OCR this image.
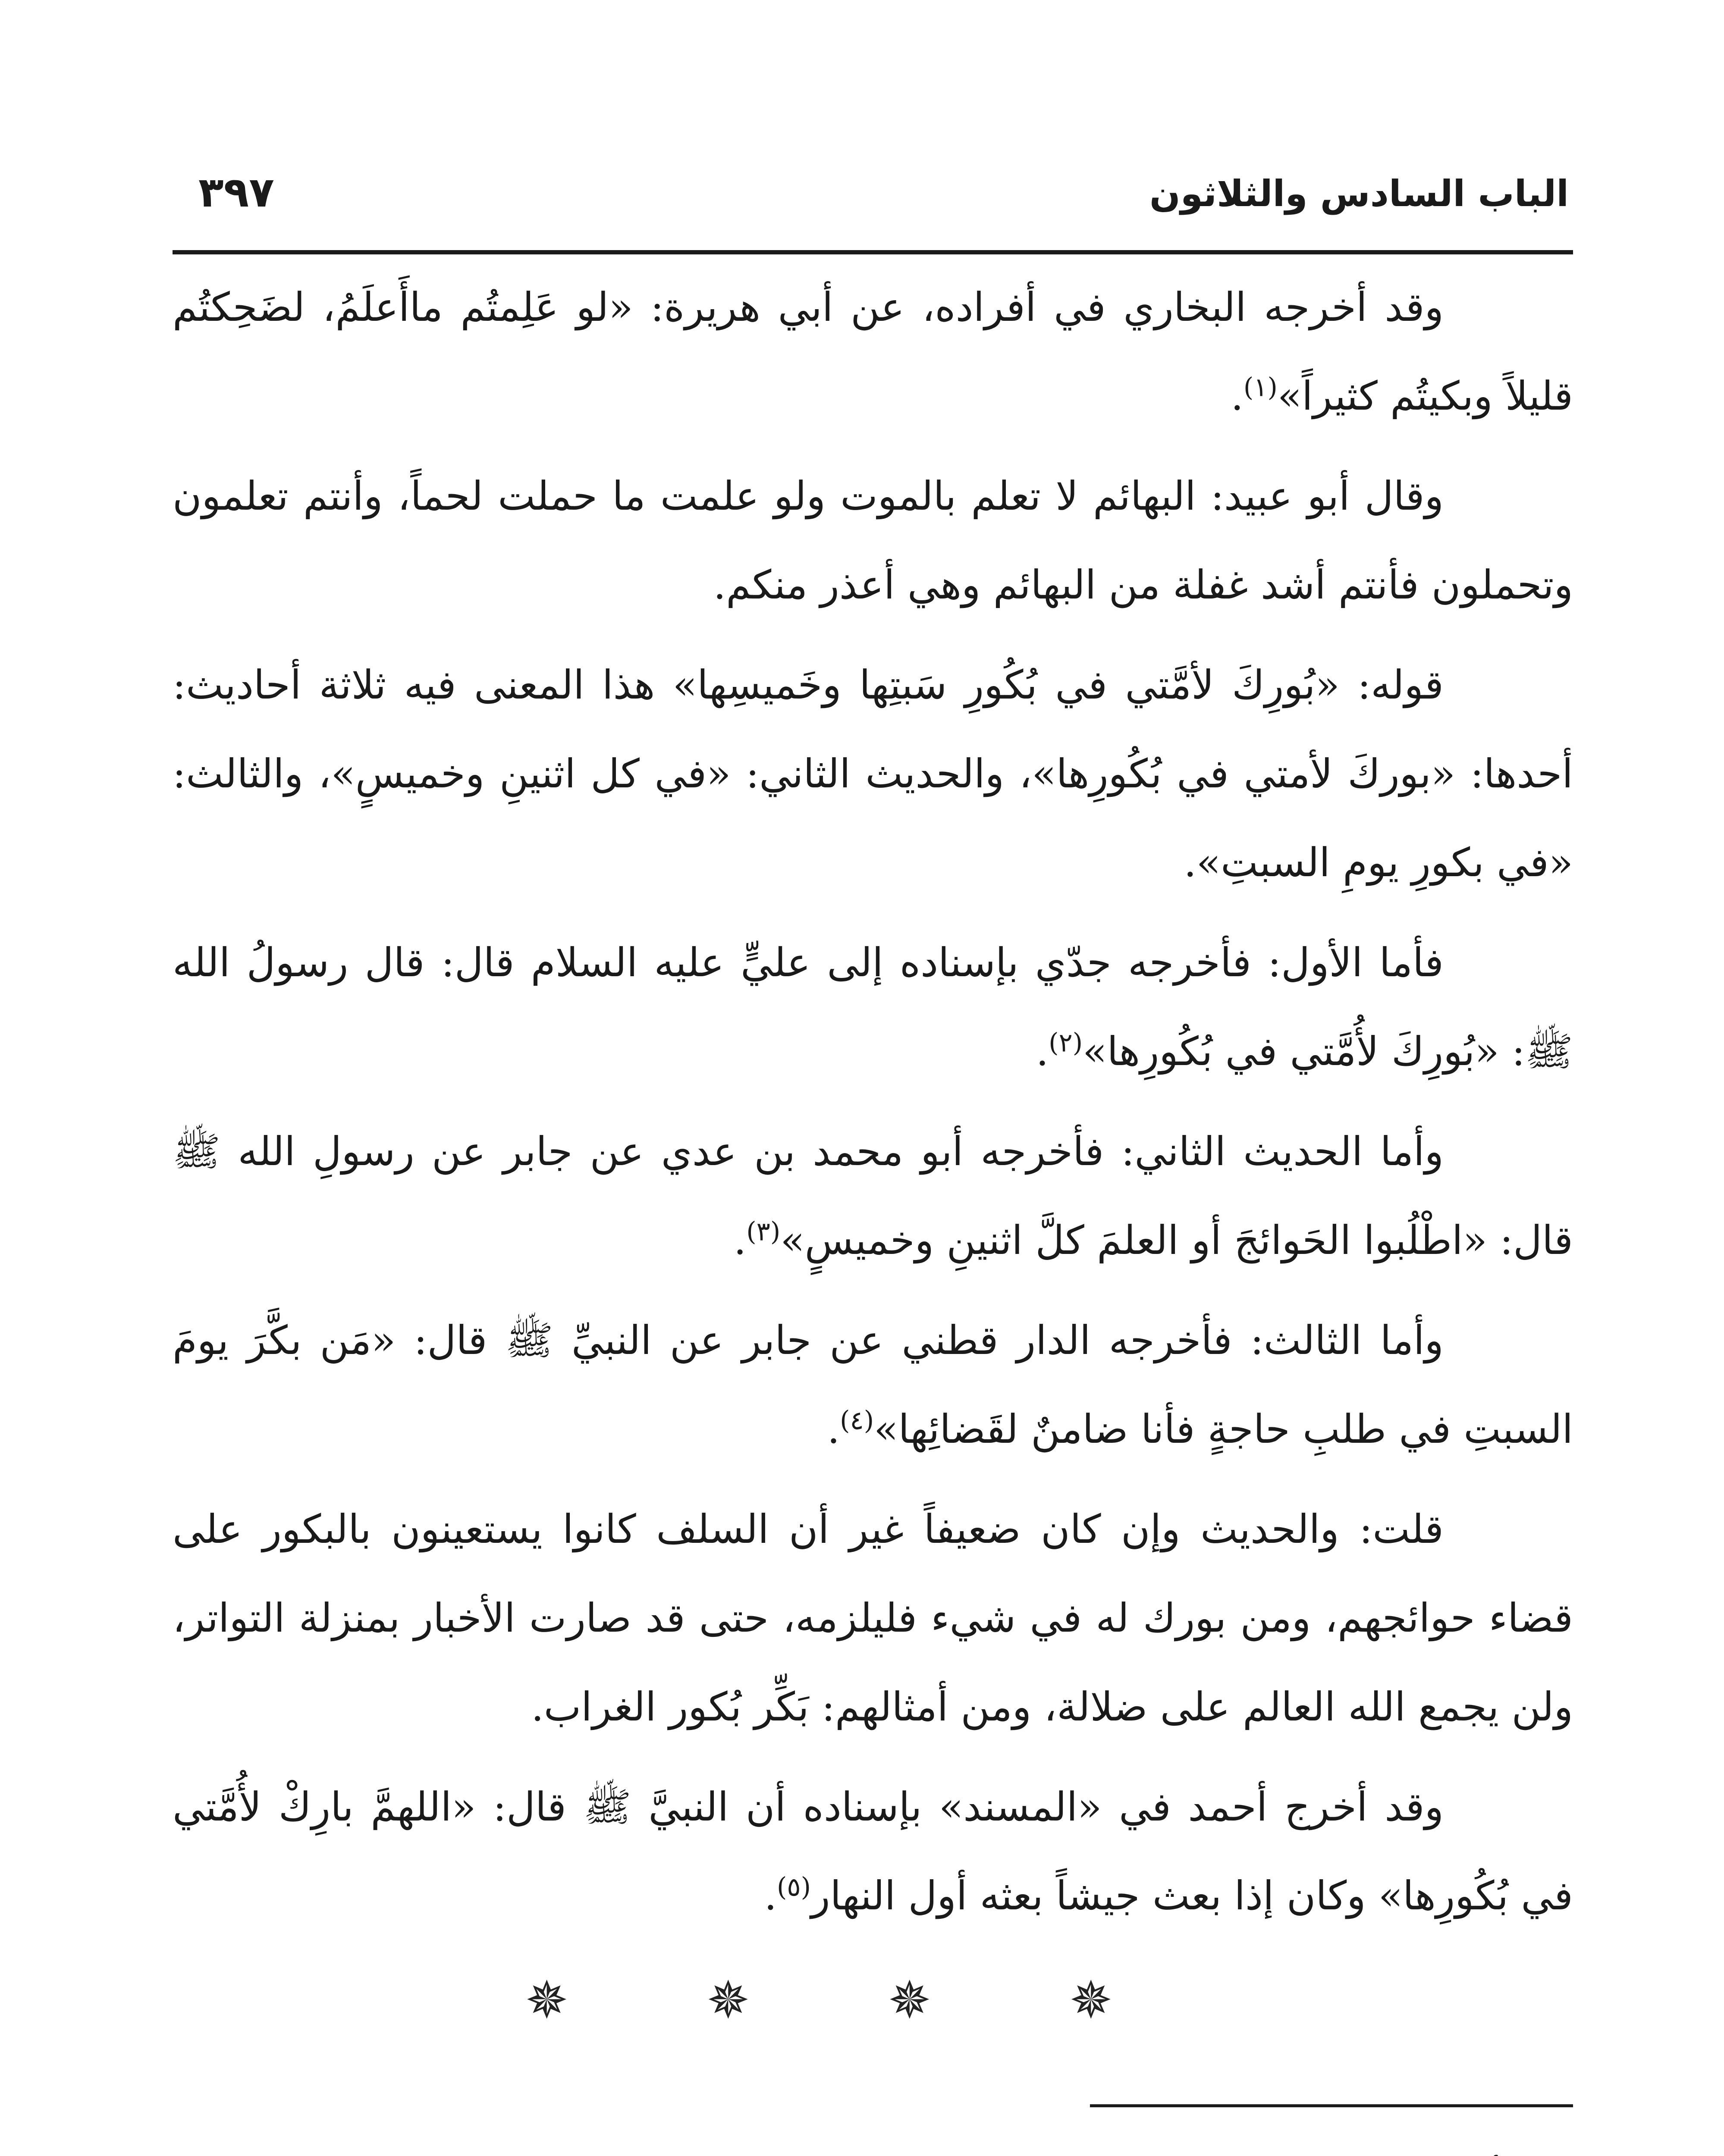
الباب السادس والثلاثون
٣٩٧

وقد أخرجه البخاري في أفراده، عن أبي هريرة: «لو عَلِمتُم ماأَعلَمُ، لضَحِكتُم قليلاً وبكيتُم كثيراً»$^{(١)}$.

وقال أبو عبيد: البهائم لا تعلم بالموت ولو علمت ما حملت لحماً، وأنتم تعلمون وتحملون فأنتم أشد غفلة من البهائم وهي أعذر منكم.

قوله: «بُورِكَ لأمَّتي في بُكُورِ سَبتِها وخَميسِها» هذا المعنى فيه ثلاثة أحاديث: أحدها: «بوركَ لأمتي في بُكُورِها»، والحديث الثاني: «في كل اثنينِ وخميسٍ»، والثالث: «في بكورِ يومِ السبتِ».

فأما الأول: فأخرجه جدّي بإسناده إلى عليٍّ عليه السلام قال: قال رسولُ الله ﷺ: «بُورِكَ لأُمَّتي في بُكُورِها»$^{(٢)}$.

وأما الحديث الثاني: فأخرجه أبو محمد بن عدي عن جابر عن رسولِ الله ﷺ قال: «اطْلُبوا الحَوائجَ أو العلمَ كلَّ اثنينِ وخميسٍ»$^{(٣)}$.

وأما الثالث: فأخرجه الدار قطني عن جابر عن النبيِّ ﷺ قال: «مَن بكَّرَ يومَ السبتِ في طلبِ حاجةٍ فأنا ضامنٌ لقَضائِها»$^{(٤)}$.

قلت: والحديث وإن كان ضعيفاً غير أن السلف كانوا يستعينون بالبكور على قضاء حوائجهم، ومن بورك له في شيء فليلزمه، حتى قد صارت الأخبار بمنزلة التواتر، ولن يجمع الله العالم على ضلالة، ومن أمثالهم: بَكِّر بُكور الغراب.

وقد أخرج أحمد في «المسند» بإسناده أن النبيَّ ﷺ قال: «اللهمَّ بارِكْ لأُمَّتي في بُكُورِها» وكان إذا بعث جيشاً بعثه أول النهار$^{(٥)}$.

✵ ✵ ✵ ✵
